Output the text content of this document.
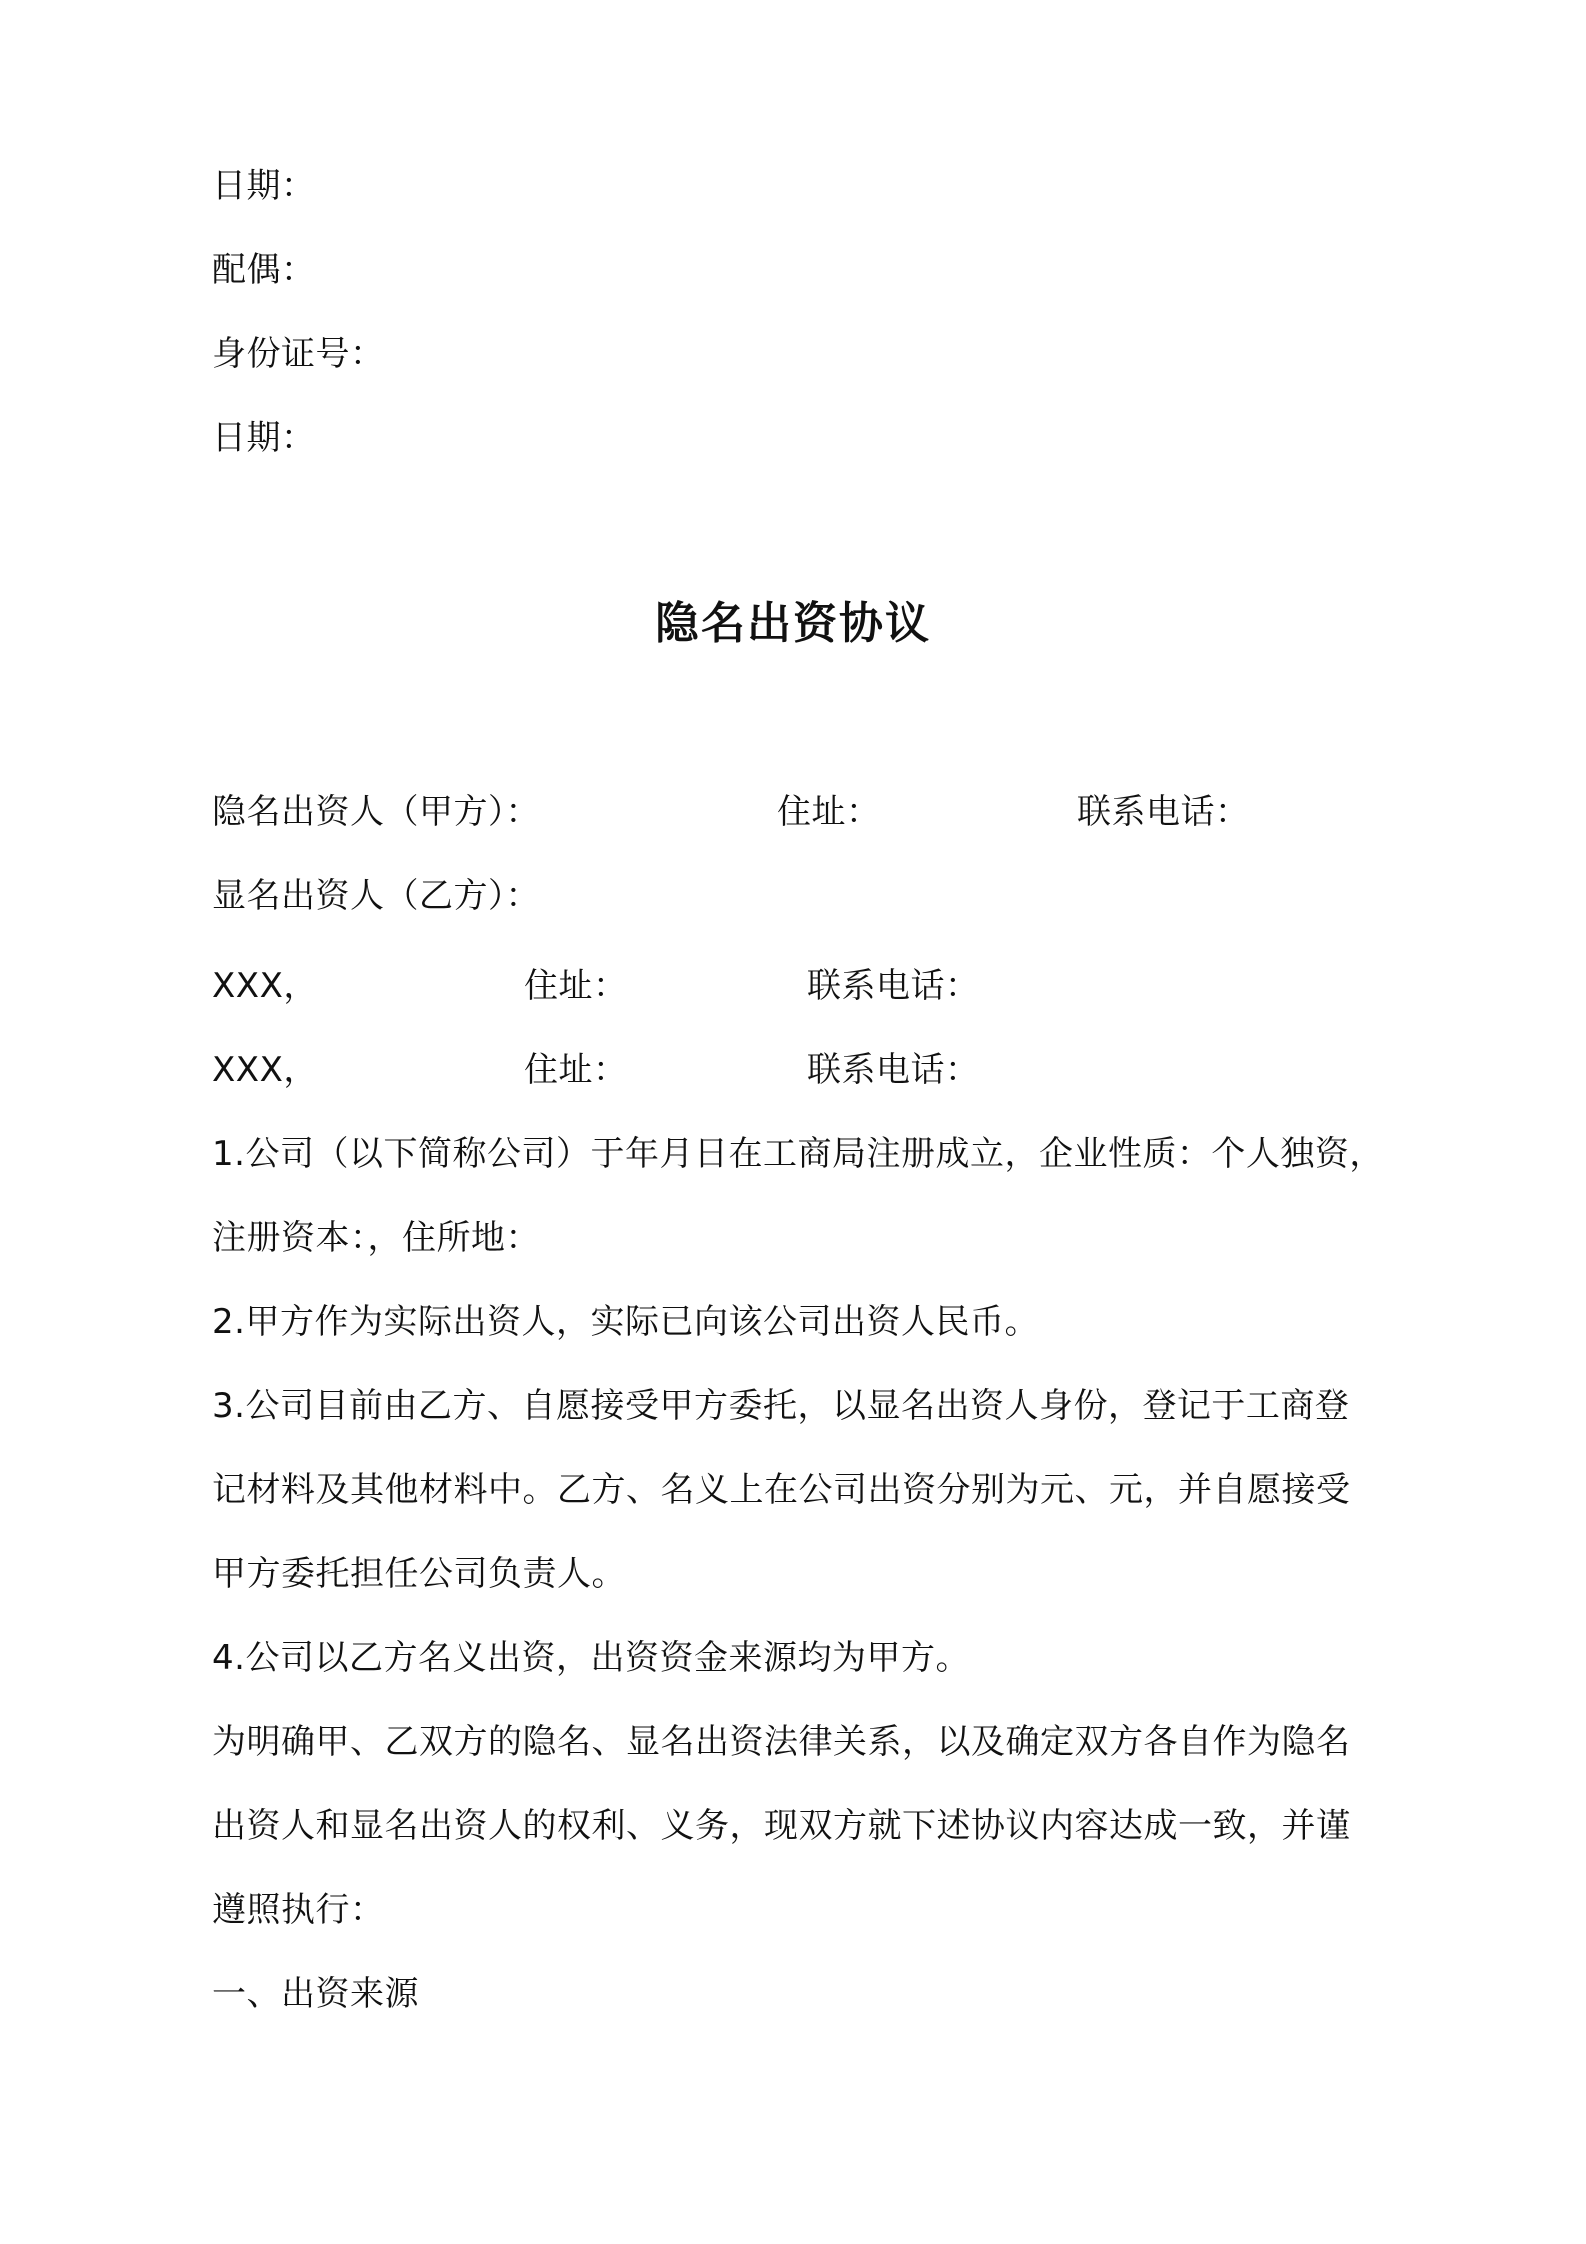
日期：
配偶：
身份证号：
日期：
隐名出资协议
隐名出资人（甲方）：	住址：	联系电话：
显名出资人（乙方）：
XXX，	住址：	联系电话：
XXX，	住址：	联系电话：
1.公司（以下简称公司）于年月日在工商局注册成立，企业性质：个人独资，
注册资本：，住所地：
2.甲方作为实际出资人，实际已向该公司出资人民币。
3.公司目前由乙方、自愿接受甲方委托，以显名出资人身份，登记于工商登
记材料及其他材料中。乙方、名义上在公司出资分别为元、元，并自愿接受
甲方委托担任公司负责人。
4.公司以乙方名义出资，出资资金来源均为甲方。
为明确甲、乙双方的隐名、显名出资法律关系，以及确定双方各自作为隐名
出资人和显名出资人的权利、义务，现双方就下述协议内容达成一致，并谨
遵照执行：
一、出资来源
